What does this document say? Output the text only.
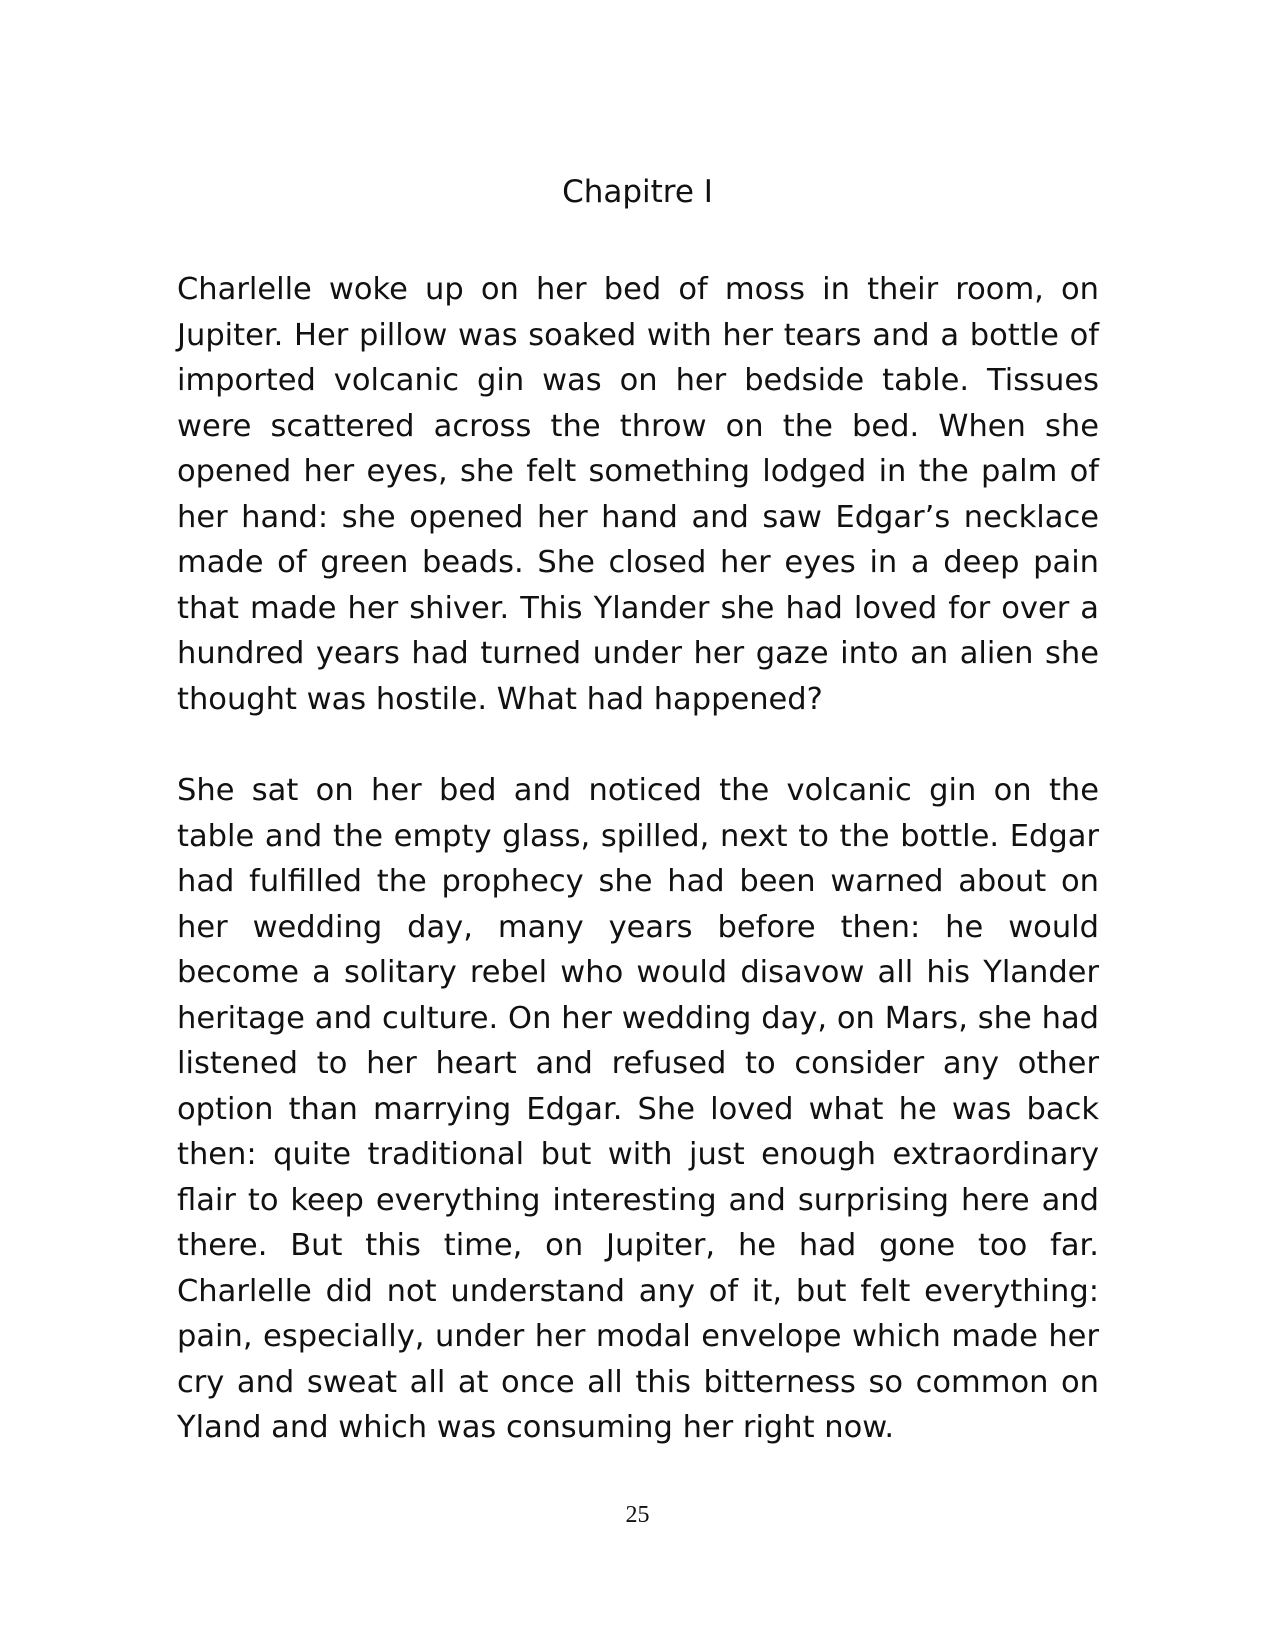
Chapitre I

Charlelle woke up on her bed of moss in their room, on Jupiter. Her pillow was soaked with her tears and a bottle of imported volcanic gin was on her bedside table. Tissues were scattered across the throw on the bed. When she opened her eyes, she felt something lodged in the palm of her hand: she opened her hand and saw Edgar’s necklace made of green beads. She closed her eyes in a deep pain that made her shiver. This Ylander she had loved for over a hundred years had turned under her gaze into an alien she thought was hostile. What had happened?

She sat on her bed and noticed the volcanic gin on the table and the empty glass, spilled, next to the bottle. Edgar had fulfilled the prophecy she had been warned about on her wedding day, many years before then: he would become a solitary rebel who would disavow all his Ylander heritage and culture. On her wedding day, on Mars, she had listened to her heart and refused to consider any other option than marrying Edgar. She loved what he was back then: quite traditional but with just enough extraordinary flair to keep everything interesting and surprising here and there. But this time, on Jupiter, he had gone too far. Charlelle did not understand any of it, but felt everything: pain, especially, under her modal envelope which made her cry and sweat all at once all this bitterness so common on Yland and which was consuming her right now.

25
